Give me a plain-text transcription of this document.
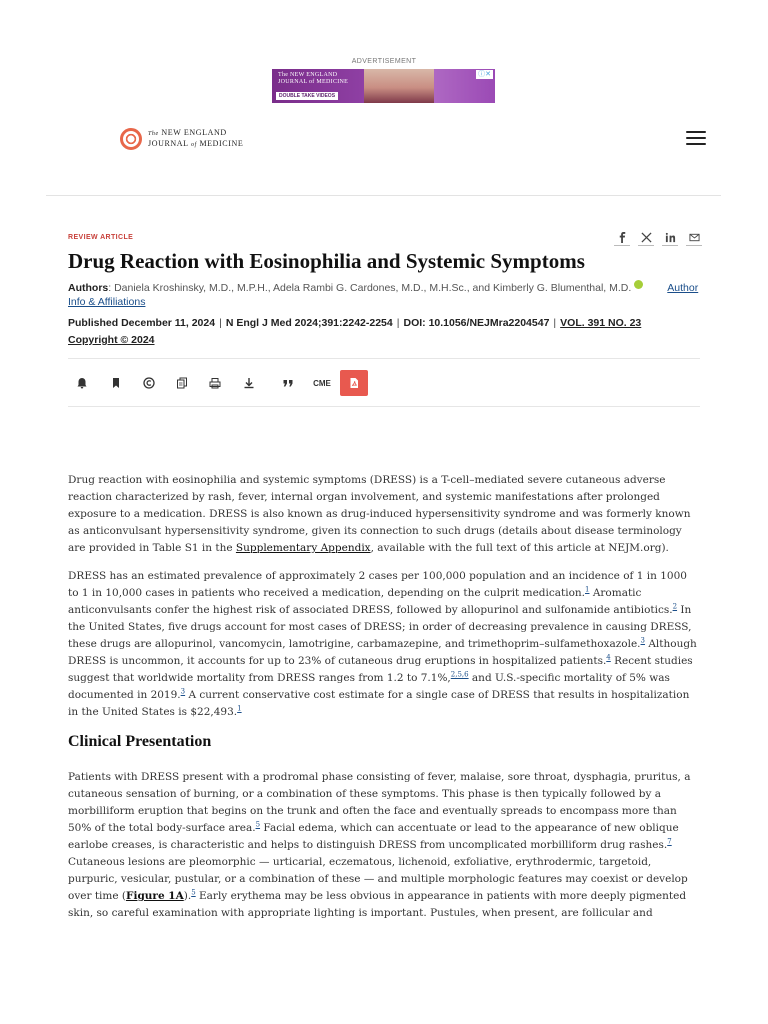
ADVERTISEMENT
The NEW ENGLAND
JOURNAL of MEDICINE
DOUBLE TAKE VIDEOS
ⓘ✕
The NEW ENGLAND
JOURNAL of MEDICINE
REVIEW ARTICLE
Drug Reaction with Eosinophilia and Systemic Symptoms
Authors: Daniela Kroshinsky, M.D., M.P.H., Adela Rambi G. Cardones, M.D., M.H.Sc., and Kimberly G. Blumenthal, M.D.	Author Info & Affiliations
Published December 11, 2024 | N Engl J Med 2024;391:2242-2254 | DOI: 10.1056/NEJMra2204547 | VOL. 391 NO. 23
Copyright © 2024
CME

Drug reaction with eosinophilia and systemic symptoms (DRESS) is a T-cell–mediated severe cutaneous adverse reaction characterized by rash, fever, internal organ involvement, and systemic manifestations after prolonged exposure to a medication. DRESS is also known as drug-induced hypersensitivity syndrome and was formerly known as anticonvulsant hypersensitivity syndrome, given its connection to such drugs (details about disease terminology are provided in Table S1 in the Supplementary Appendix, available with the full text of this article at NEJM.org).

DRESS has an estimated prevalence of approximately 2 cases per 100,000 population and an incidence of 1 in 1000 to 1 in 10,000 cases in patients who received a medication, depending on the culprit medication.$^1$ Aromatic anticonvulsants confer the highest risk of associated DRESS, followed by allopurinol and sulfonamide antibiotics.$^2$ In the United States, five drugs account for most cases of DRESS; in order of decreasing prevalence in causing DRESS, these drugs are allopurinol, vancomycin, lamotrigine, carbamazepine, and trimethoprim–sulfamethoxazole.$^3$ Although DRESS is uncommon, it accounts for up to 23% of cutaneous drug eruptions in hospitalized patients.$^4$ Recent studies suggest that worldwide mortality from DRESS ranges from 1.2 to 7.1%,$^{2,5,6}$ and U.S.-specific mortality of 5% was documented in 2019.$^3$ A current conservative cost estimate for a single case of DRESS that results in hospitalization in the United States is $22,493.$^1$

Clinical Presentation

Patients with DRESS present with a prodromal phase consisting of fever, malaise, sore throat, dysphagia, pruritus, a cutaneous sensation of burning, or a combination of these symptoms. This phase is then typically followed by a morbilliform eruption that begins on the trunk and often the face and eventually spreads to encompass more than 50% of the total body-surface area.$^5$ Facial edema, which can accentuate or lead to the appearance of new oblique earlobe creases, is characteristic and helps to distinguish DRESS from uncomplicated morbilliform drug rashes.$^7$ Cutaneous lesions are pleomorphic — urticarial, eczematous, lichenoid, exfoliative, erythrodermic, targetoid, purpuric, vesicular, pustular, or a combination of these — and multiple morphologic features may coexist or develop over time (Figure 1A).$^5$ Early erythema may be less obvious in appearance in patients with more deeply pigmented skin, so careful examination with appropriate lighting is important. Pustules, when present, are follicular and
